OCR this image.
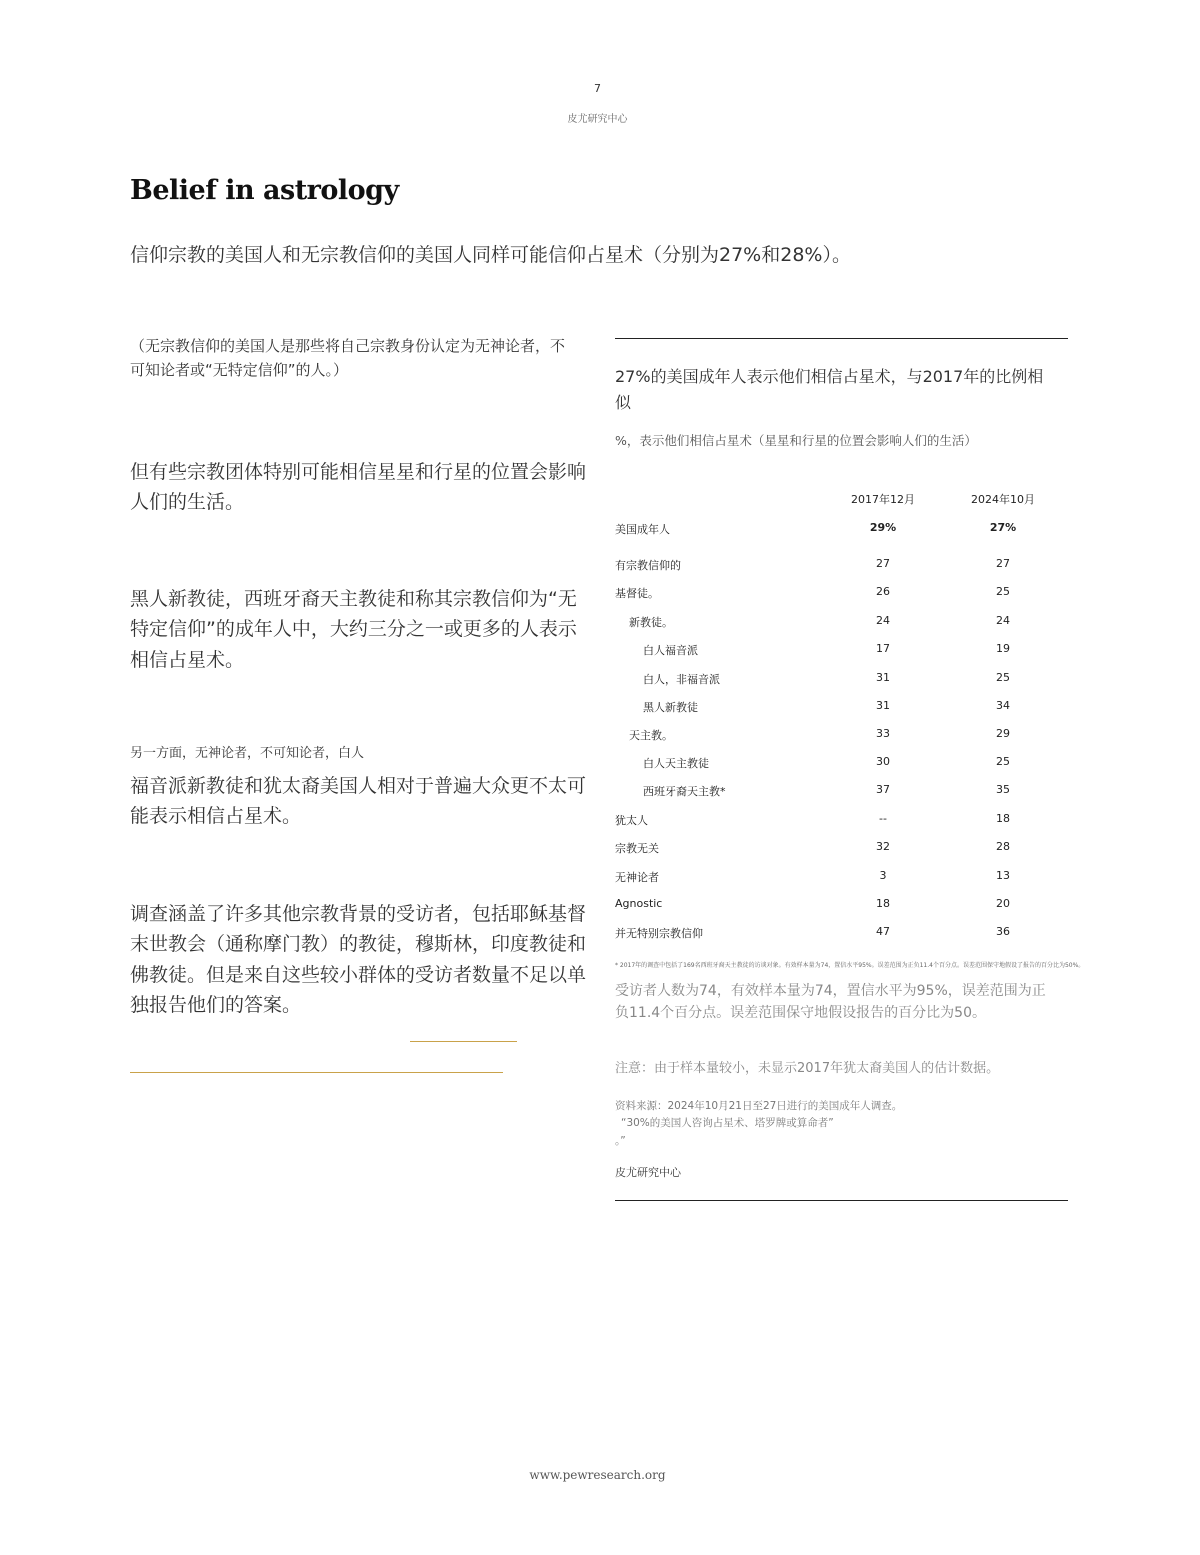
7
皮尤研究中心
Belief in astrology
信仰宗教的美国人和无宗教信仰的美国人同样可能信仰占星术（分别为27%和28%）。
（无宗教信仰的美国人是那些将自己宗教身份认定为无神论者，不可知论者或“无特定信仰”的人。）
但有些宗教团体特别可能相信星星和行星的位置会影响人们的生活。
黑人新教徒，西班牙裔天主教徒和称其宗教信仰为“无特定信仰”的成年人中，大约三分之一或更多的人表示相信占星术。
另一方面，无神论者，不可知论者，白人
福音派新教徒和犹太裔美国人相对于普遍大众更不太可能表示相信占星术。
调查涵盖了许多其他宗教背景的受访者，包括耶稣基督末世教会（通称摩门教）的教徒，穆斯林，印度教徒和佛教徒。但是来自这些较小群体的受访者数量不足以单独报告他们的答案。
27%的美国成年人表示他们相信占星术，与2017年的比例相似
%，表示他们相信占星术（星星和行星的位置会影响人们的生活）
2017年12月	2024年10月
美国成年人	29%	27%
有宗教信仰的	27	27
基督徒。	26	25
新教徒。	24	24
白人福音派	17	19
白人，非福音派	31	25
黑人新教徒	31	34
天主教。	33	29
白人天主教徒	30	25
西班牙裔天主教*	37	35
犹太人	--	18
宗教无关	32	28
无神论者	3	13
Agnostic	18	20
并无特别宗教信仰	47	36
* 2017年的调查中包括了169名西班牙裔天主教徒的访谈对象。有效样本量为74，置信水平95%。误差范围为正负11.4个百分点。误差范围保守地假设了报告的百分比为50%。
受访者人数为74，有效样本量为74，置信水平为95%，误差范围为正负11.4个百分点。误差范围保守地假设报告的百分比为50。
注意：由于样本量较小，未显示2017年犹太裔美国人的估计数据。
资料来源：2024年10月21日至27日进行的美国成年人调查。
“30%的美国人咨询占星术、塔罗牌或算命者”
。”
皮尤研究中心
www.pewresearch.org
